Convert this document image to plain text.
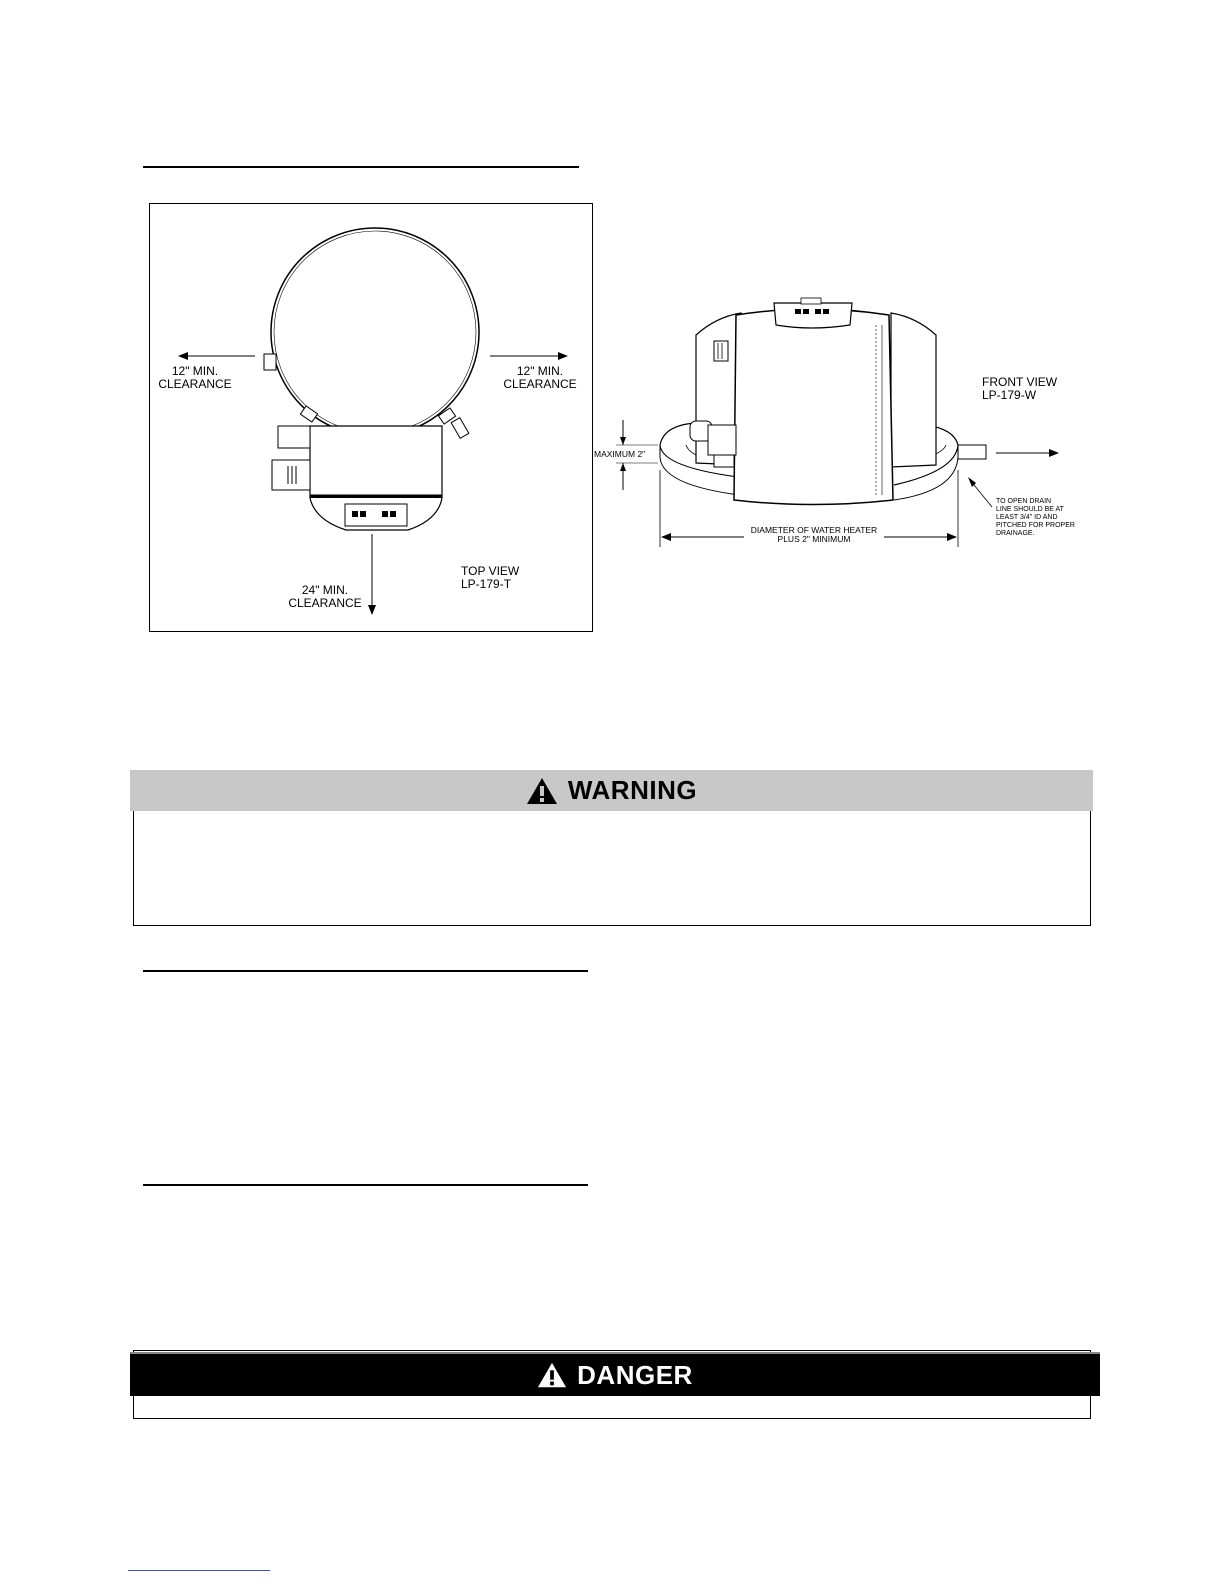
12" MIN.
CLEARANCE
12" MIN.
CLEARANCE
24" MIN.
CLEARANCE
TOP VIEW
LP-179-T
FRONT VIEW
LP-179-W
MAXIMUM 2"
DIAMETER OF WATER HEATER
PLUS 2" MINIMUM
TO OPEN DRAIN
LINE SHOULD BE AT
LEAST 3/4" ID AND
PITCHED FOR PROPER
DRAINAGE.
WARNING
DANGER
